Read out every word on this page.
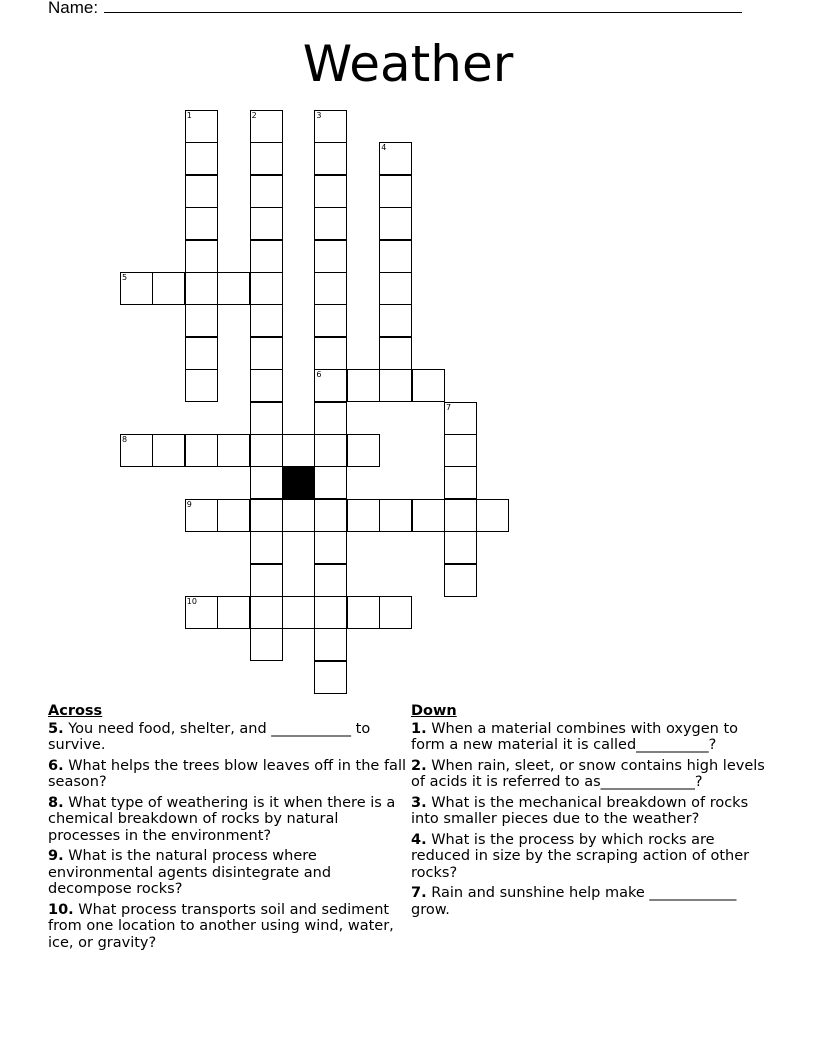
Name:
Weather
1	2	3
4
5
6
7
8
9
10
Across
5. You need food, shelter, and ___________ to survive.
6. What helps the trees blow leaves off in the fall season?
8. What type of weathering is it when there is a chemical breakdown of rocks by natural processes in the environment?
9. What is the natural process where environmental agents disintegrate and decompose rocks?
10. What process transports soil and sediment from one location to another using wind, water, ice, or gravity?
Down
1. When a material combines with oxygen to form a new material it is called__________?
2. When rain, sleet, or snow contains high levels of acids it is referred to as_____________?
3. What is the mechanical breakdown of rocks into smaller pieces due to the weather?
4. What is the process by which rocks are reduced in size by the scraping action of other rocks?
7. Rain and sunshine help make ____________ grow.
